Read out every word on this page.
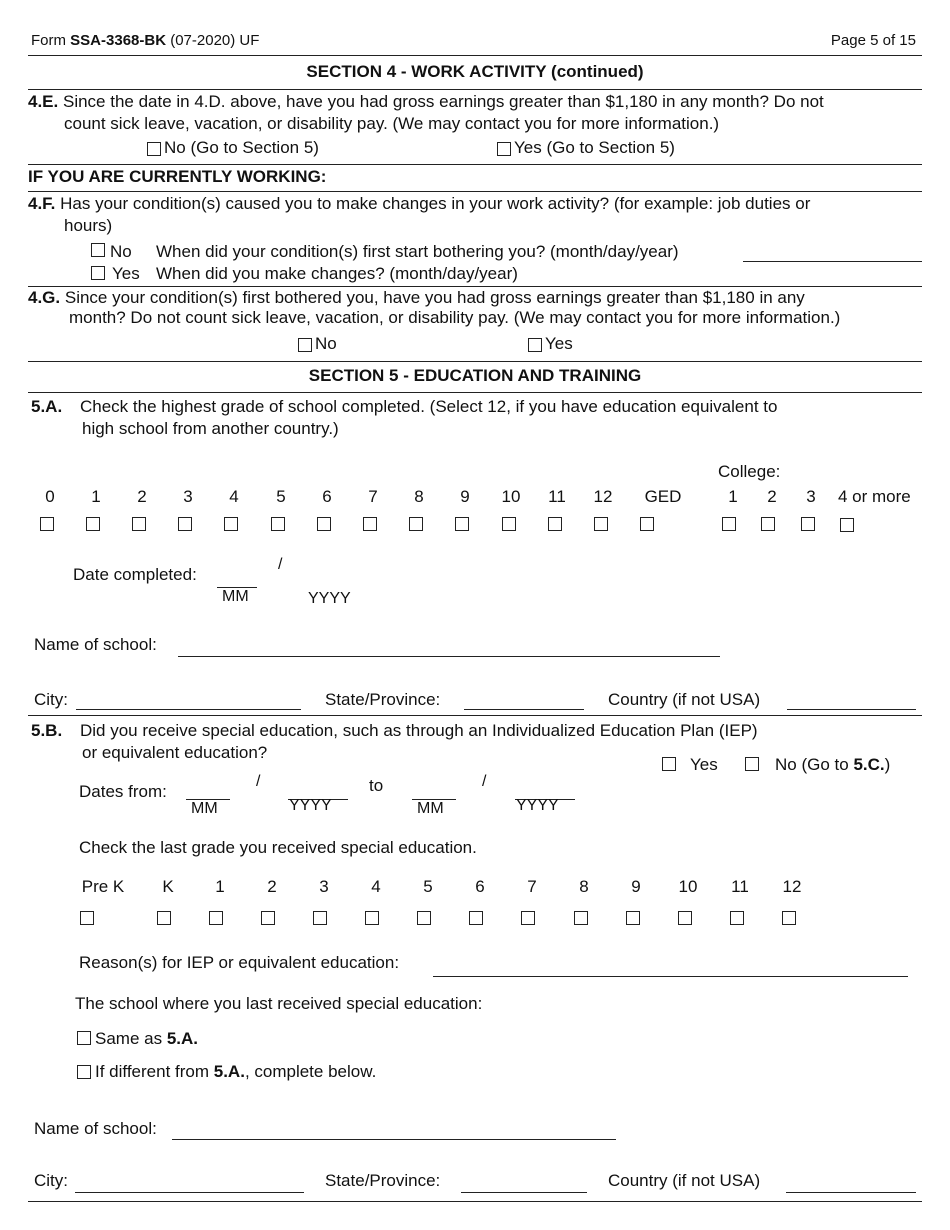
Form SSA-3368-BK (07-2020) UF	Page 5 of 15
SECTION 4 - WORK ACTIVITY (continued)
4.E. Since the date in 4.D. above, have you had gross earnings greater than $1,180 in any month? Do not
count sick leave, vacation, or disability pay. (We may contact you for more information.)
No (Go to Section 5)	Yes (Go to Section 5)
IF YOU ARE CURRENTLY WORKING:
4.F. Has your condition(s) caused you to make changes in your work activity? (for example: job duties or
hours)
No When did your condition(s) first start bothering you? (month/day/year)
Yes When did you make changes? (month/day/year)
4.G. Since your condition(s) first bothered you, have you had gross earnings greater than $1,180 in any
month? Do not count sick leave, vacation, or disability pay. (We may contact you for more information.)
No	Yes
SECTION 5 - EDUCATION AND TRAINING
5.A. Check the highest grade of school completed. (Select 12, if you have education equivalent to
high school from another country.)
College:
0	1	2	3	4	5	6	7	8	9	10	11	12	GED	1	2	3	4 or more
Date completed:
/
MM	YYYY
Name of school:
City:	State/Province:	Country (if not USA)
5.B. Did you receive special education, such as through an Individualized Education Plan (IEP)
or equivalent education?
Yes	No (Go to 5.C.)
Dates from:
/
MM	YYYY
to	/
MM	YYYY
Check the last grade you received special education.
Pre K	K	1	2	3	4	5	6	7	8	9	10	11	12
Reason(s) for IEP or equivalent education:
The school where you last received special education:
Same as 5.A.
If different from 5.A., complete below.
Name of school:
City:	State/Province:	Country (if not USA)
